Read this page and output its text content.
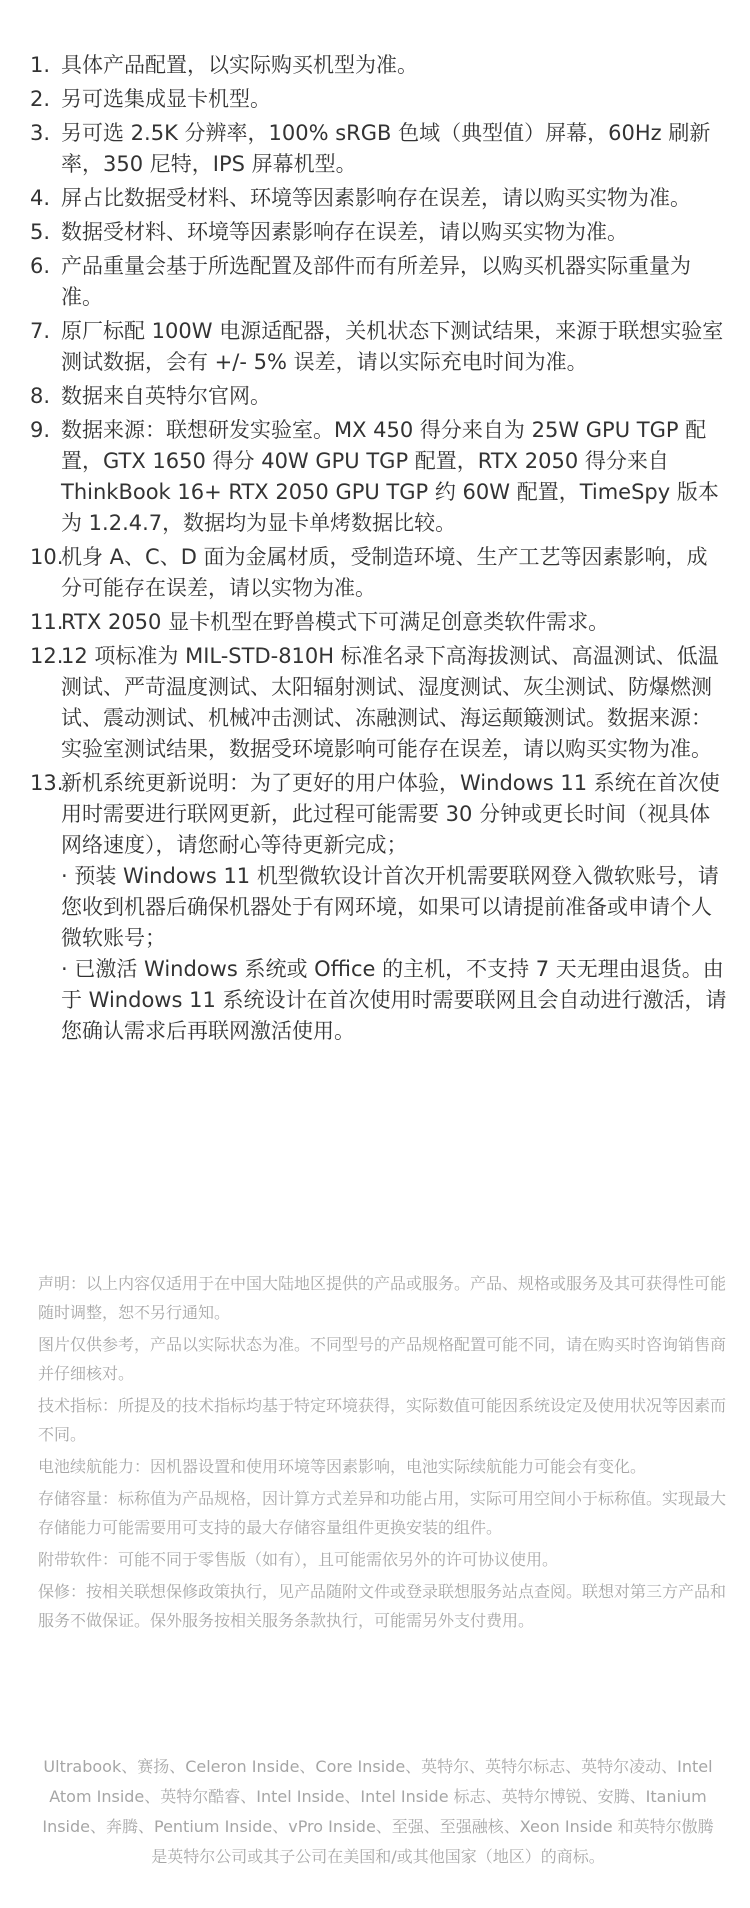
1. 具体产品配置，以实际购买机型为准。
2. 另可选集成显卡机型。
3. 另可选 2.5K 分辨率，100% sRGB 色域（典型值）屏幕，60Hz 刷新率，350 尼特，IPS 屏幕机型。
4. 屏占比数据受材料、环境等因素影响存在误差，请以购买实物为准。
5. 数据受材料、环境等因素影响存在误差，请以购买实物为准。
6. 产品重量会基于所选配置及部件而有所差异，以购买机器实际重量为准。
7. 原厂标配 100W 电源适配器，关机状态下测试结果，来源于联想实验室测试数据，会有 +/- 5% 误差，请以实际充电时间为准。
8. 数据来自英特尔官网。
9. 数据来源：联想研发实验室。MX 450 得分来自为 25W GPU TGP 配置，GTX 1650 得分 40W GPU TGP 配置，RTX 2050 得分来自 ThinkBook 16+ RTX 2050 GPU TGP 约 60W 配置，TimeSpy 版本为 1.2.4.7，数据均为显卡单烤数据比较。
10.
机身 A、C、D 面为金属材质，受制造环境、生产工艺等因素影响，成分可能存在误差，请以实物为准。
11.
RTX 2050 显卡机型在野兽模式下可满足创意类软件需求。
12.
12 项标准为 MIL-STD-810H 标准名录下高海拔测试、高温测试、低温测试、严苛温度测试、太阳辐射测试、湿度测试、灰尘测试、防爆燃测试、震动测试、机械冲击测试、冻融测试、海运颠簸测试。数据来源：实验室测试结果，数据受环境影响可能存在误差，请以购买实物为准。
13.·
新机系统更新说明：为了更好的用户体验，Windows 11 系统在首次使用时需要进行联网更新，此过程可能需要 30 分钟或更长时间（视具体网络速度），请您耐心等待更新完成；
· 预装 Windows 11 机型微软设计首次开机需要联网登入微软账号，请您收到机器后确保机器处于有网环境，如果可以请提前准备或申请个人微软账号；
· 已激活 Windows 系统或 Office 的主机，不支持 7 天无理由退货。由于 Windows 11 系统设计在首次使用时需要联网且会自动进行激活，请您确认需求后再联网激活使用。

声明：以上内容仅适用于在中国大陆地区提供的产品或服务。产品、规格或服务及其可获得性可能随时调整，恕不另行通知。

图片仅供参考，产品以实际状态为准。不同型号的产品规格配置可能不同，请在购买时咨询销售商并仔细核对。

技术指标：所提及的技术指标均基于特定环境获得，实际数值可能因系统设定及使用状况等因素而不同。

电池续航能力：因机器设置和使用环境等因素影响，电池实际续航能力可能会有变化。

存储容量：标称值为产品规格，因计算方式差异和功能占用，实际可用空间小于标称值。实现最大存储能力可能需要用可支持的最大存储容量组件更换安装的组件。

附带软件：可能不同于零售版（如有），且可能需依另外的许可协议使用。

保修：按相关联想保修政策执行，见产品随附文件或登录联想服务站点查阅。联想对第三方产品和服务不做保证。保外服务按相关服务条款执行，可能需另外支付费用。

Ultrabook、赛扬、Celeron Inside、Core Inside、英特尔、英特尔标志、英特尔凌动、Intel Atom Inside、英特尔酷睿、Intel Inside、Intel Inside 标志、英特尔博锐、安腾、Itanium Inside、奔腾、Pentium Inside、vPro Inside、至强、至强融核、Xeon Inside 和英特尔傲腾是英特尔公司或其子公司在美国和/或其他国家（地区）的商标。
